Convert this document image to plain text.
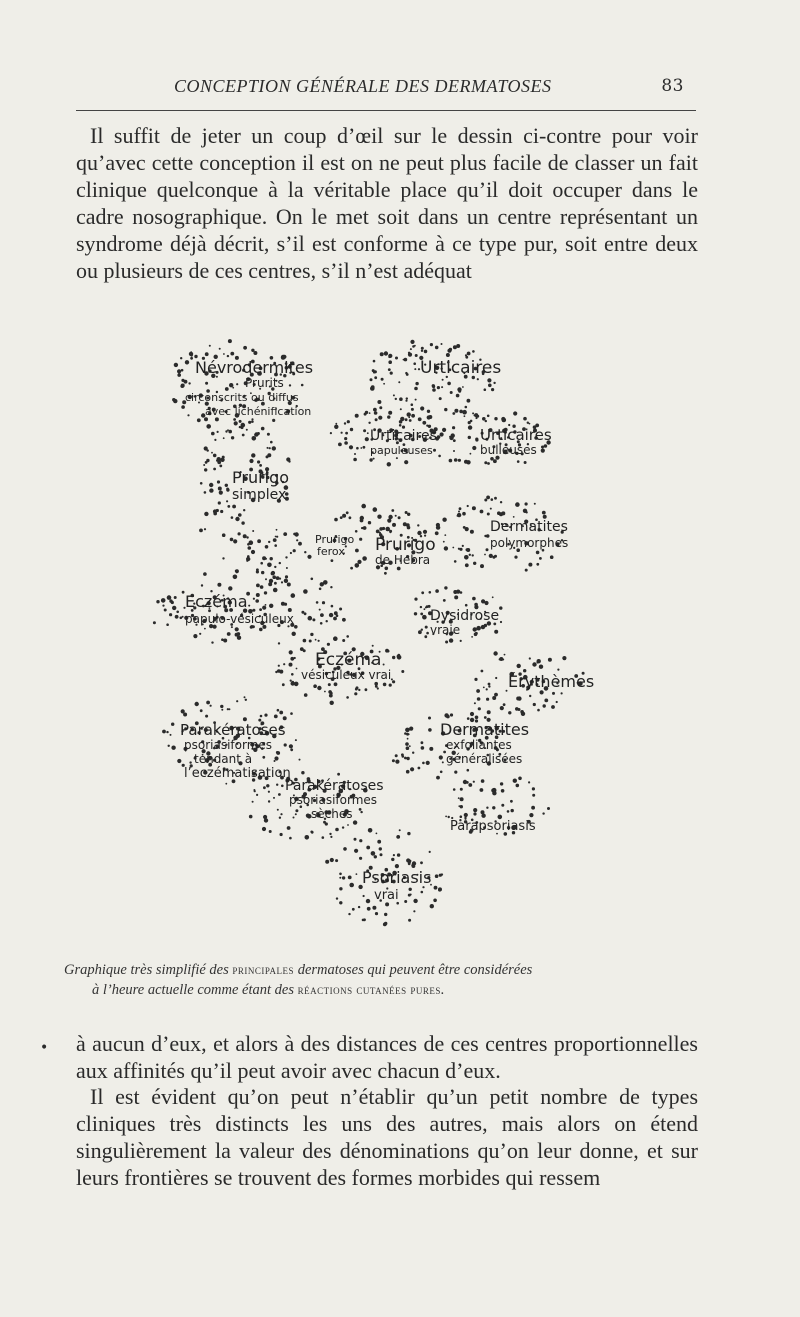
CONCEPTION GÉNÉRALE DES DERMATOSES	83
Il suffit de jeter un coup d’œil sur le dessin ci-contre pour voir qu’avec cette conception il est on ne peut plus facile de classer un fait clinique quelconque à la véritable place qu’il doit occuper dans le cadre nosographique. On le met soit dans un centre représentant un syndrome déjà décrit, s’il est conforme à ce type pur, soit entre deux ou plusieurs de ces centres, s’il n’est adéquat
Névrodermites
Prurits
circonscrits ou diffus
avec lichénification
Urticaires
Urticaires
papuleuses
Urticaires
bulleuses
Prurigo
simplex
Prurigo
ferox Prurigo
de Hebra
Dermatites
polymorphes
Eczéma
papulo-vésiculeux	Dysidrose
vraie
Eczéma
vésiculeux vrai	Érythèmes
Parakératoses
psoriasiformes
tendant à
l’eczématisation
Dermatites
exfoliantes
généralisées
Parakératoses
psoriasiformes
sèches
Parapsoriasis
Psoriasis
vrai
Graphique très simplifié des principales dermatoses qui peuvent être considérées
à l’heure actuelle comme étant des réactions cutanées pures.
• à aucun d’eux, et alors à des distances de ces centres proportionnelles aux affinités qu’il peut avoir avec chacun d’eux.
Il est évident qu’on peut n’établir qu’un petit nombre de types cliniques très distincts les uns des autres, mais alors on étend singulièrement la valeur des dénominations qu’on leur donne, et sur leurs frontières se trouvent des formes morbides qui ressem
